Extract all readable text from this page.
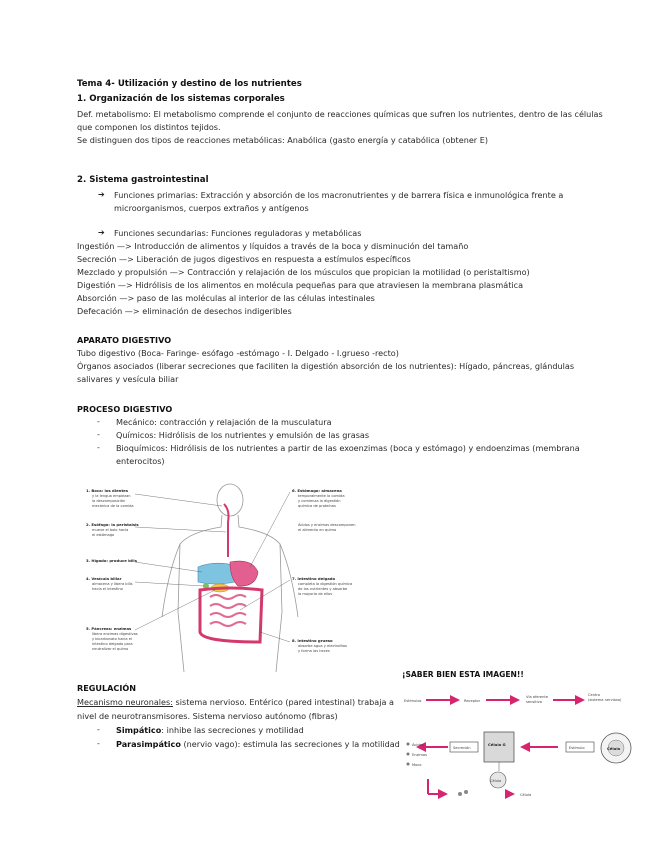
Tema 4- Utilización y destino de los nutrientes
1. Organización de los sistemas corporales
Def. metabolismo: El metabolismo comprende el conjunto de reacciones químicas que sufren los nutrientes, dentro de las células
que componen los distintos tejidos.
Se distinguen dos tipos de reacciones metabólicas: Anabólica (gasto energía y catabólica (obtener E)
2. Sistema gastrointestinal
➔ Funciones primarias: Extracción y absorción de los macronutrientes y de barrera física e inmunológica frente a
microorganismos, cuerpos extraños y antígenos
➔ Funciones secundarias: Funciones reguladoras y metabólicas
Ingestión —> Introducción de alimentos y líquidos a través de la boca y disminución del tamaño
Secreción —> Liberación de jugos digestivos en respuesta a estímulos específicos
Mezclado y propulsión —> Contracción y relajación de los músculos que propician la motilidad (o peristaltismo)
Digestión —> Hidrólisis de los alimentos en molécula pequeñas para que atraviesen la membrana plasmática
Absorción —> paso de las moléculas al interior de las células intestinales
Defecación —> eliminación de desechos indigeribles
APARATO DIGESTIVO
Tubo digestivo (Boca- Faringe- esófago -estómago - I. Delgado - I.grueso -recto)
Órganos asociados (liberar secreciones que faciliten la digestión absorción de los nutrientes): Hígado, páncreas, glándulas
salivares y vesícula biliar
PROCESO DIGESTIVO
- Mecánico: contracción y relajación de la musculatura
- Químicos: Hidrólisis de los nutrientes y emulsión de las grasas
- Bioquímicos: Hidrólisis de los nutrientes a partir de las exoenzimas (boca y estómago) y endoenzimas (membrana
enterocitos)
1. Boca: los dientes
y la lengua empiezan
la descomposición
mecánica de la comida
2. Esófago: la peristalsis
mueve el bolo hacia
el estómago
3. Hígado: produce bilis
4. Vesícula biliar
almacena y libera bilis
hacia el intestino
5. Páncreas: enzimas
libera enzimas digestivas
y bicarbonato hacia el
intestino delgado para
neutralizar el quimo
6. Estómago: almacena
temporalmente la comida
y comienza la digestión
química de proteínas
Ácidos y enzimas descomponen
el alimento en quimo
7. Intestino delgado
completa la digestión química
de los nutrientes y absorbe
la mayoría de ellos
8. Intestino grueso
absorbe agua y electrolitos
y forma las heces
REGULACIÓN
Mecanismo neuronales: sistema nervioso. Entérico (pared intestinal) trabaja a
nivel de neurotransmisores. Sistema nervioso autónomo (fibras)
- Simpático: inhibe las secreciones y motilidad
- Parasimpático (nervio vago): estimula las secreciones y la motilidad
¡SABER BIEN ESTA IMAGEN!!
Estímulos	Receptor
Vía aferente
sensitiva
Centro
(sistema nervioso)
Célula
Estímulo
Célula G
Secreción
Ácidos
Enzimas
Moco
Célula
Célula
